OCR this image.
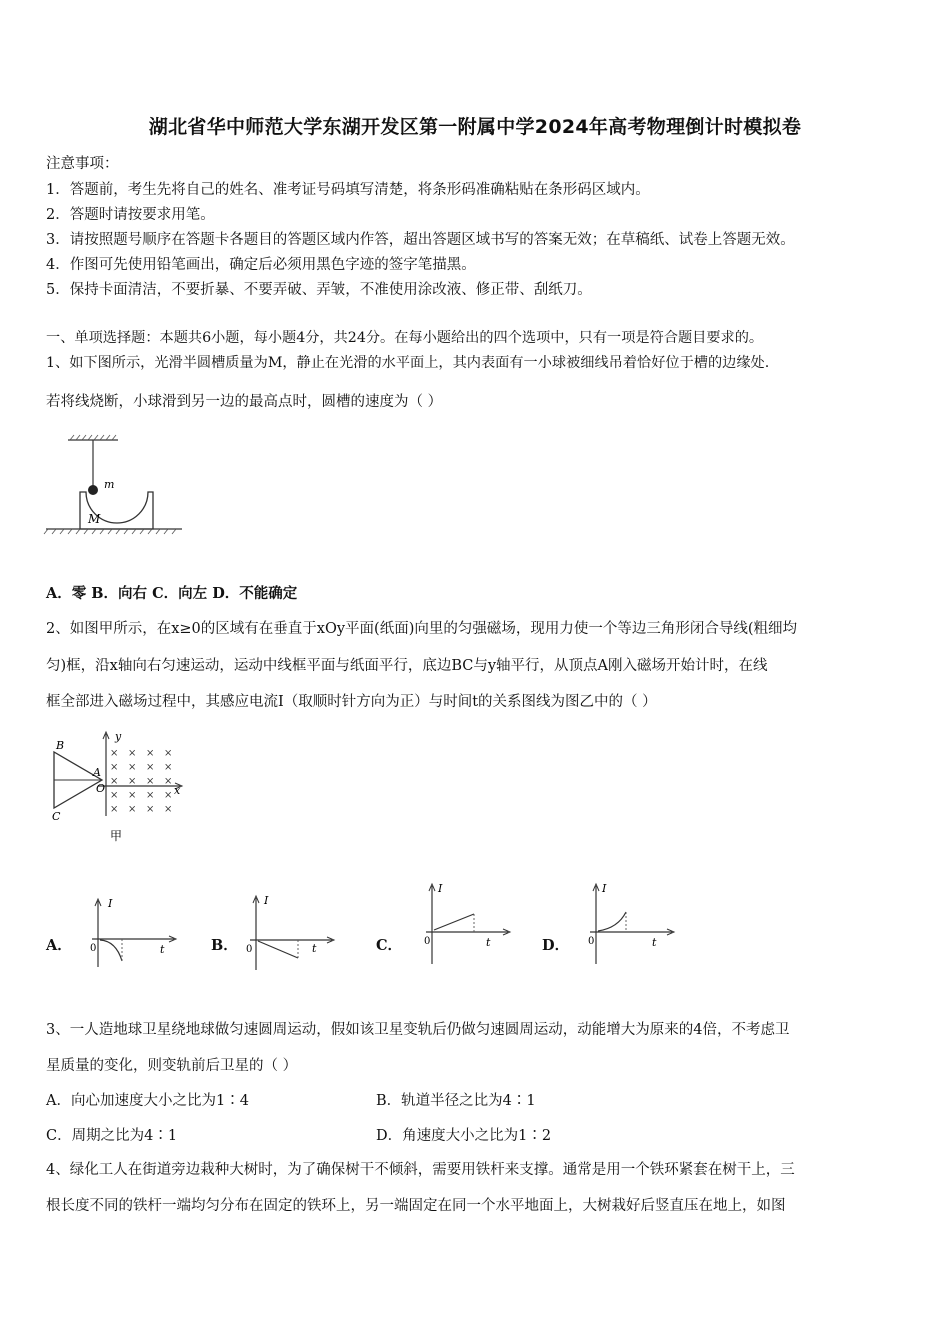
湖北省华中师范大学东湖开发区第一附属中学2024年高考物理倒计时模拟卷
注意事项：
1．答题前，考生先将自己的姓名、准考证号码填写清楚，将条形码准确粘贴在条形码区域内。
2．答题时请按要求用笔。
3．请按照题号顺序在答题卡各题目的答题区域内作答，超出答题区域书写的答案无效；在草稿纸、试卷上答题无效。
4．作图可先使用铅笔画出，确定后必须用黑色字迹的签字笔描黑。
5．保持卡面清洁，不要折暴、不要弄破、弄皱，不准使用涂改液、修正带、刮纸刀。
一、单项选择题：本题共6小题，每小题4分，共24分。在每小题给出的四个选项中，只有一项是符合题目要求的。
1、如下图所示，光滑半圆槽质量为M，静止在光滑的水平面上，其内表面有一小球被细线吊着恰好位于槽的边缘处.
若将线烧断，小球滑到另一边的最高点时，圆槽的速度为（ ）
m
M
A．零 B．向右 C．向左 D．不能确定
2、如图甲所示，在x≥0的区域有在垂直于xOy平面(纸面)向里的匀强磁场，现用力使一个等边三角形闭合导线(粗细均
匀)框，沿x轴向右匀速运动，运动中线框平面与纸面平行，底边BC与y轴平行，从顶点A刚入磁场开始计时，在线
框全部进入磁场过程中，其感应电流I（取顺时针方向为正）与时间t的关系图线为图乙中的（ ）
y
x
× × × ×
× × × ×
× × × ×
× × × ×
× × × ×
B
A
C
O
甲
A．
I
t
0	B．
I
t
0	C．
I
t
0	D．
I
t
0
3、一人造地球卫星绕地球做匀速圆周运动，假如该卫星变轨后仍做匀速圆周运动，动能增大为原来的4倍，不考虑卫
星质量的变化，则变轨前后卫星的（ ）
A．向心加速度大小之比为1∶4	B．轨道半径之比为4∶1
C．周期之比为4∶1	D．角速度大小之比为1∶2
4、绿化工人在街道旁边栽种大树时，为了确保树干不倾斜，需要用铁杆来支撑。通常是用一个铁环紧套在树干上，三
根长度不同的铁杆一端均匀分布在固定的铁环上，另一端固定在同一个水平地面上，大树栽好后竖直压在地上，如图
